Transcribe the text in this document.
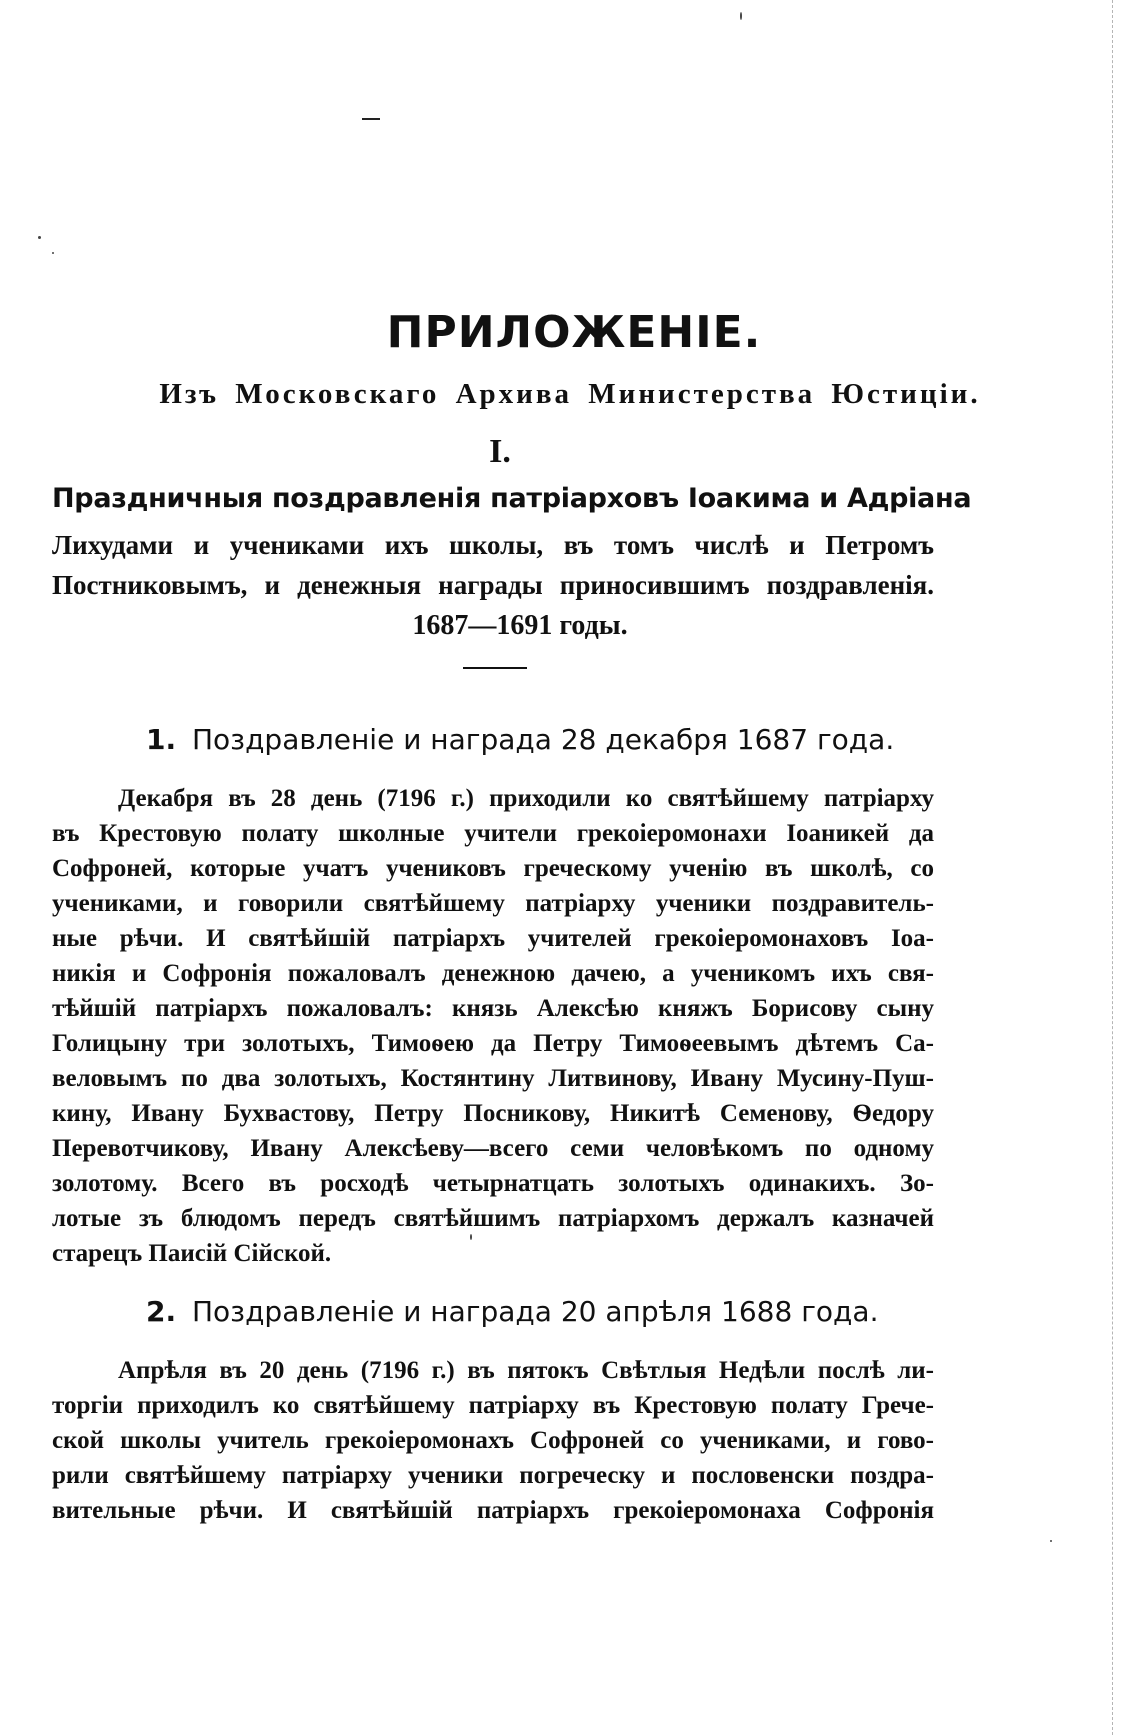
ПРИЛОЖЕНІЕ.
Изъ Московскаго Архива Министерства Юстиціи.
I.
Праздничныя поздравленія патріарховъ Іоакима и Адріана
Лихудами и учениками ихъ школы, въ томъ числѣ и Петромъ
Постниковымъ, и денежныя награды приносившимъ поздравленія.
1687—1691 годы.
1. Поздравленіе и награда 28 декабря 1687 года.
Декабря въ 28 день (7196 г.) приходили ко святѣйшему патріарху
въ Крестовую полату школные учители грекоіеромонахи Іоаникей да
Софроней, которые учатъ учениковъ греческому ученію въ школѣ, со
учениками, и говорили святѣйшему патріарху ученики поздравитель-
ные рѣчи. И святѣйшій патріархъ учителей грекоіеромонаховъ Іоа-
никія и Софронія пожаловалъ денежною дачею, а ученикомъ ихъ свя-
тѣйшій патріархъ пожаловалъ: князь Алексѣю княжъ Борисову сыну
Голицыну три золотыхъ, Тимоѳею да Петру Тимоѳеевымъ дѣтемъ Са-
веловымъ по два золотыхъ, Костянтину Литвинову, Ивану Мусину-Пуш-
кину, Ивану Бухвастову, Петру Посникову, Никитѣ Семенову, Ѳедору
Перевотчикову, Ивану Алексѣеву—всего семи человѣкомъ по одному
золотому. Всего въ росходѣ четырнатцать золотыхъ одинакихъ. Зо-
лотые зъ блюдомъ передъ святѣйшимъ патріархомъ держалъ казначей
старецъ Паисій Сійской.
2. Поздравленіе и награда 20 апрѣля 1688 года.
Апрѣля въ 20 день (7196 г.) въ пятокъ Свѣтлыя Недѣли послѣ ли-
торгіи приходилъ ко святѣйшему патріарху въ Крестовую полату Грече-
ской школы учитель грекоіеромонахъ Софроней со учениками, и гово-
рили святѣйшему патріарху ученики погреческу и пословенски поздра-
вительные рѣчи. И святѣйшій патріархъ грекоіеромонаха Софронія
